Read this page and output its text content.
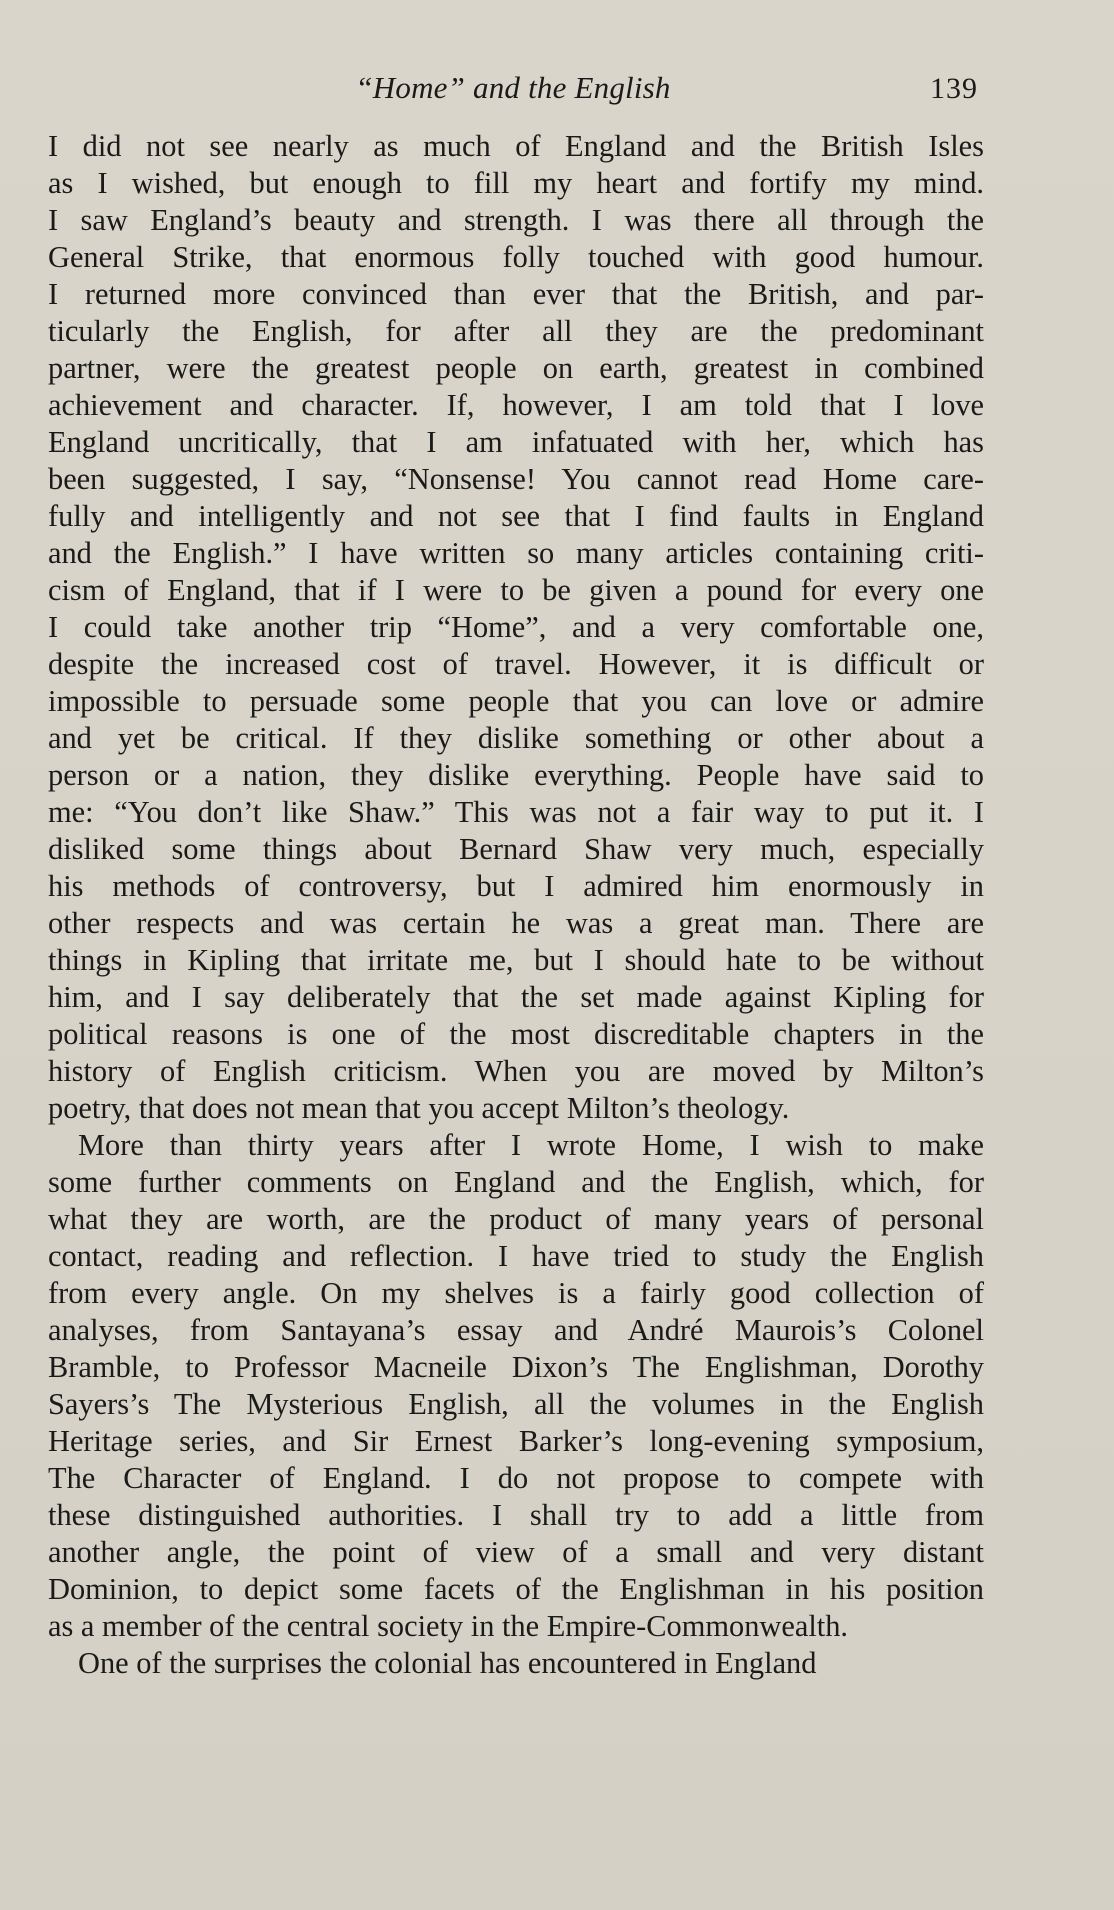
“Home” and the English	139
I did not see nearly as much of England and the British Isles
as I wished, but enough to fill my heart and fortify my mind.
I saw England’s beauty and strength. I was there all through the
General Strike, that enormous folly touched with good humour.
I returned more convinced than ever that the British, and par-
ticularly the English, for after all they are the predominant
partner, were the greatest people on earth, greatest in combined
achievement and character. If, however, I am told that I love
England uncritically, that I am infatuated with her, which has
been suggested, I say, “Nonsense! You cannot read Home care-
fully and intelligently and not see that I find faults in England
and the English.” I have written so many articles containing criti-
cism of England, that if I were to be given a pound for every one
I could take another trip “Home”, and a very comfortable one,
despite the increased cost of travel. However, it is difficult or
impossible to persuade some people that you can love or admire
and yet be critical. If they dislike something or other about a
person or a nation, they dislike everything. People have said to
me: “You don’t like Shaw.” This was not a fair way to put it. I
disliked some things about Bernard Shaw very much, especially
his methods of controversy, but I admired him enormously in
other respects and was certain he was a great man. There are
things in Kipling that irritate me, but I should hate to be without
him, and I say deliberately that the set made against Kipling for
political reasons is one of the most discreditable chapters in the
history of English criticism. When you are moved by Milton’s
poetry, that does not mean that you accept Milton’s theology.
More than thirty years after I wrote Home, I wish to make
some further comments on England and the English, which, for
what they are worth, are the product of many years of personal
contact, reading and reflection. I have tried to study the English
from every angle. On my shelves is a fairly good collection of
analyses, from Santayana’s essay and André Maurois’s Colonel
Bramble, to Professor Macneile Dixon’s The Englishman, Dorothy
Sayers’s The Mysterious English, all the volumes in the English
Heritage series, and Sir Ernest Barker’s long-evening symposium,
The Character of England. I do not propose to compete with
these distinguished authorities. I shall try to add a little from
another angle, the point of view of a small and very distant
Dominion, to depict some facets of the Englishman in his position
as a member of the central society in the Empire-Commonwealth.
One of the surprises the colonial has encountered in England
